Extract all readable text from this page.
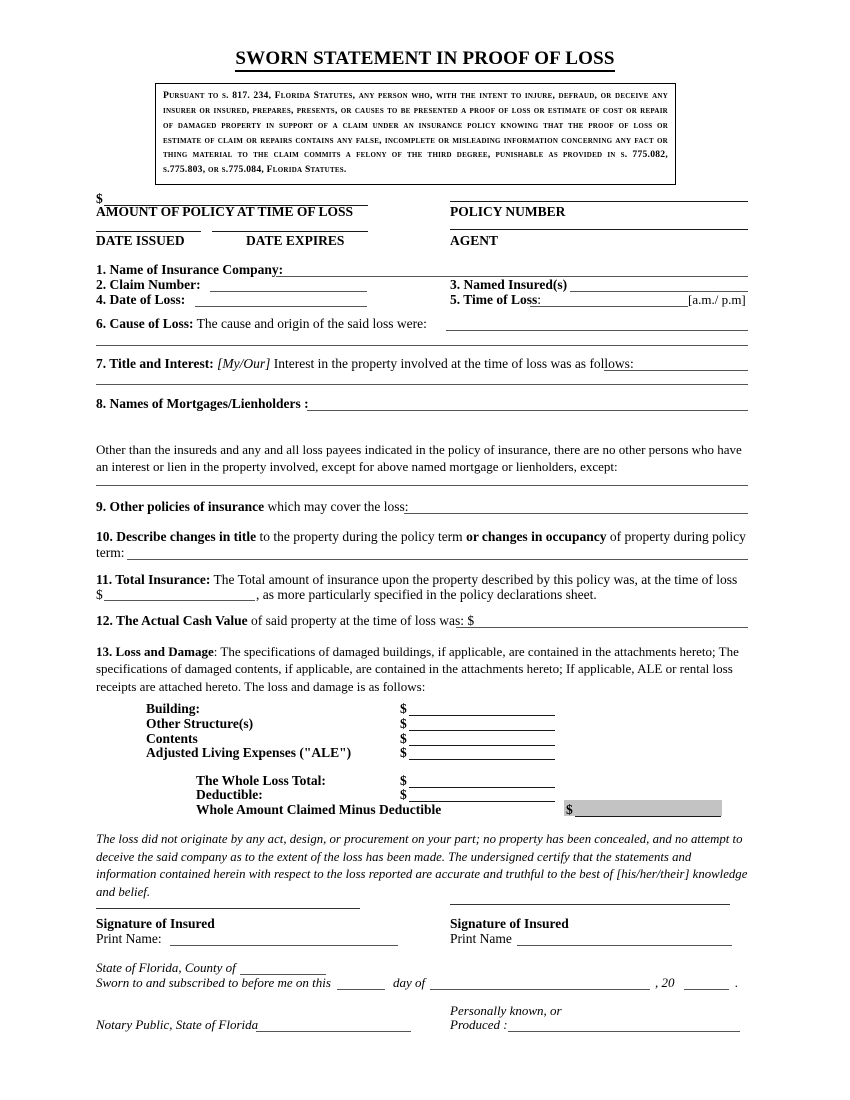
SWORN STATEMENT IN PROOF OF LOSS
Pursuant to s. 817. 234, Florida Statutes, any person who, with the intent to injure, defraud, or deceive any insurer or insured, prepares, presents, or causes to be presented a proof of loss or estimate of cost or repair of damaged property in support of a claim under an insurance policy knowing that the proof of loss or estimate of claim or repairs contains any false, incomplete or misleading information concerning any fact or thing material to the claim commits a felony of the third degree, punishable as provided in s. 775.082, s.775.803, or s.775.084, Florida Statutes.
$
AMOUNT OF POLICY AT TIME OF LOSS	POLICY NUMBER
DATE ISSUED	DATE EXPIRES	AGENT
1. Name of Insurance Company:
2. Claim Number:	3. Named Insured(s)
4. Date of Loss:	5. Time of Loss:	[a.m./ p.m]
6. Cause of Loss: The cause and origin of the said loss were:
7. Title and Interest: [My/Our] Interest in the property involved at the time of loss was as follows:
8. Names of Mortgages/Lienholders :
Other than the insureds and any and all loss payees indicated in the policy of insurance, there are no other persons who have an interest or lien in the property involved, except for above named mortgage or lienholders, except:
9. Other policies of insurance which may cover the loss:
10. Describe changes in title to the property during the policy term or changes in occupancy of property during policy
term:
11. Total Insurance: The Total amount of insurance upon the property described by this policy was, at the time of loss
$	, as more particularly specified in the policy declarations sheet.
12. The Actual Cash Value of said property at the time of loss was: $
13. Loss and Damage: The specifications of damaged buildings, if applicable, are contained in the attachments hereto; The specifications of damaged contents, if applicable, are contained in the attachments hereto; If applicable, ALE or rental loss receipts are attached hereto. The loss and damage is as follows:
Building:	$
Other Structure(s)	$
Contents	$
Adjusted Living Expenses ("ALE")	$
The Whole Loss Total:	$
Deductible:	$
Whole Amount Claimed Minus Deductible	$
The loss did not originate by any act, design, or procurement on your part; no property has been concealed, and no attempt to deceive the said company as to the extent of the loss has been made. The undersigned certify that the statements and information contained herein with respect to the loss reported are accurate and truthful to the best of [his/her/their] knowledge and belief.
Signature of Insured
Print Name:
Signature of Insured
Print Name
State of Florida, County of
Sworn to and subscribed to before me on this	day of	, 20	.
Personally known, or
Produced :
Notary Public, State of Florida
